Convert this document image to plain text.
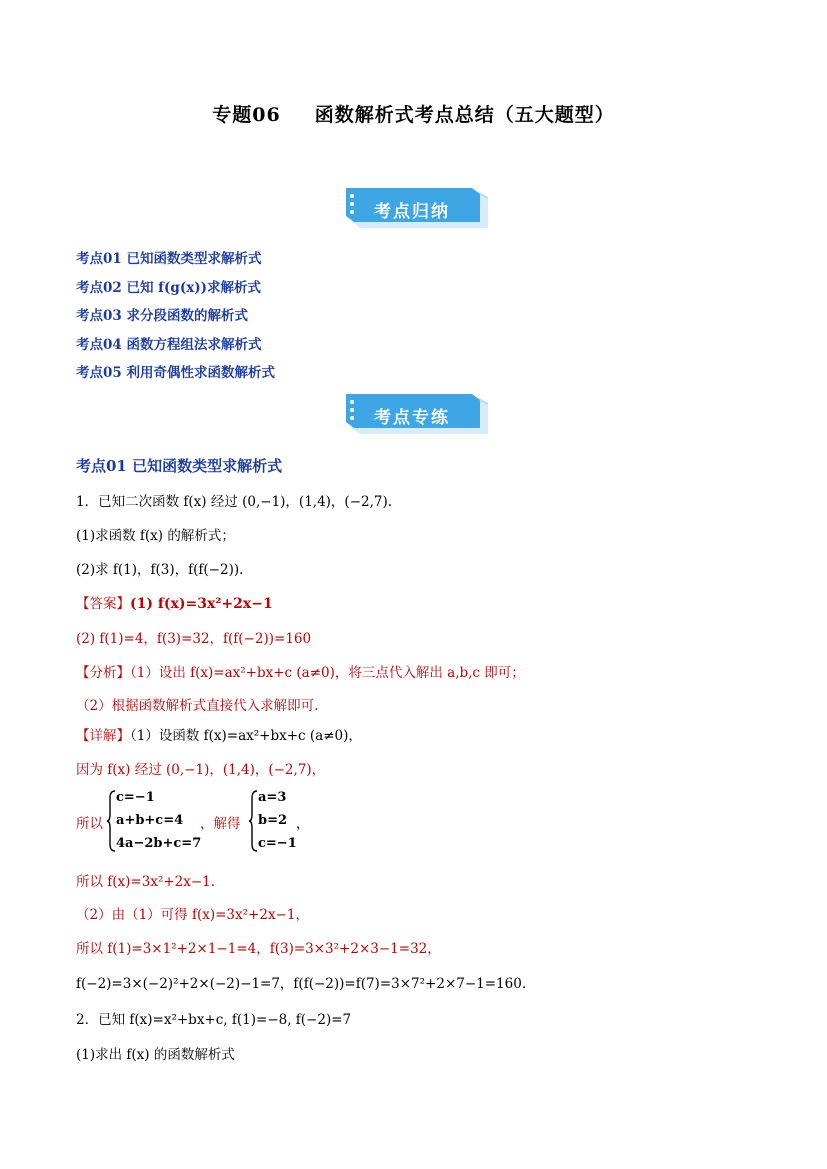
专题06 函数解析式考点总结（五大题型）
考点归纳
考点01 已知函数类型求解析式
考点02 已知 f(g(x))求解析式
考点03 求分段函数的解析式
考点04 函数方程组法求解析式
考点05 利用奇偶性求函数解析式
考点专练
考点01 已知函数类型求解析式
1．已知二次函数 f(x) 经过 (0,−1)，(1,4)，(−2,7).
(1)求函数 f(x) 的解析式；
(2)求 f(1)，f(3)，f(f(−2)).
【答案】(1) f(x)=3x²+2x−1
(2) f(1)=4，f(3)=32，f(f(−2))=160
【分析】（1）设出 f(x)=ax²+bx+c (a≠0)，将三点代入解出 a,b,c 即可；
（2）根据函数解析式直接代入求解即可.
【详解】（1）设函数 f(x)=ax²+bx+c (a≠0)，
因为 f(x) 经过 (0,−1)，(1,4)，(−2,7)，
所以
c=−1
a+b+c=4
4a−2b+c=7
，解得
a=3
b=2
c=−1
，
所以 f(x)=3x²+2x−1.
（2）由（1）可得 f(x)=3x²+2x−1，
所以 f(1)=3×1²+2×1−1=4，f(3)=3×3²+2×3−1=32，
f(−2)=3×(−2)²+2×(−2)−1=7，f(f(−2))=f(7)=3×7²+2×7−1=160.
2．已知 f(x)=x²+bx+c, f(1)=−8, f(−2)=7
(1)求出 f(x) 的函数解析式
